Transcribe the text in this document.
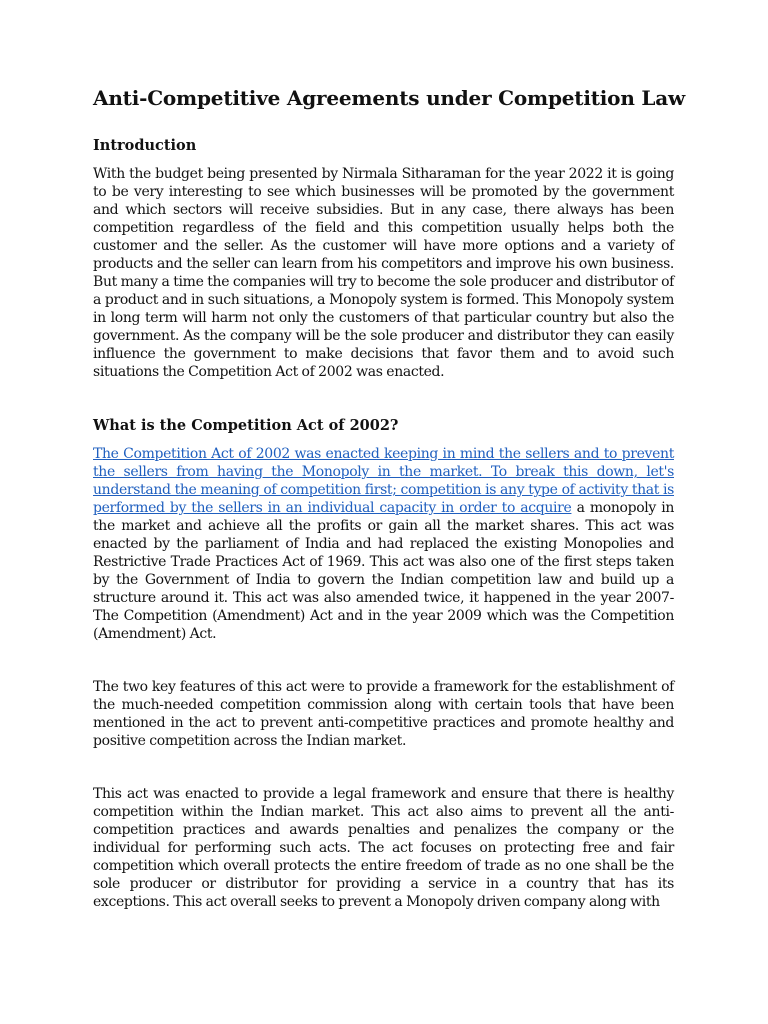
Anti-Competitive Agreements under Competition Law
Introduction

With the budget being presented by Nirmala Sitharaman for the year 2022 it is going to be very interesting to see which businesses will be promoted by the government and which sectors will receive subsidies. But in any case, there always has been competition regardless of the field and this competition usually helps both the customer and the seller. As the customer will have more options and a variety of products and the seller can learn from his competitors and improve his own business. But many a time the companies will try to become the sole producer and distributor of a product and in such situations, a Monopoly system is formed. This Monopoly system in long term will harm not only the customers of that particular country but also the government. As the company will be the sole producer and distributor they can easily influence the government to make decisions that favor them and to avoid such situations the Competition Act of 2002 was enacted.

What is the Competition Act of 2002?

The Competition Act of 2002 was enacted keeping in mind the sellers and to prevent the sellers from having the Monopoly in the market. To break this down, let's understand the meaning of competition first; competition is any type of activity that is performed by the sellers in an individual capacity in order to acquire a monopoly in the market and achieve all the profits or gain all the market shares. This act was enacted by the parliament of India and had replaced the existing Monopolies and Restrictive Trade Practices Act of 1969. This act was also one of the first steps taken by the Government of India to govern the Indian competition law and build up a structure around it. This act was also amended twice, it happened in the year 2007- The Competition (Amendment) Act and in the year 2009 which was the Competition (Amendment) Act.

The two key features of this act were to provide a framework for the establishment of the much-needed competition commission along with certain tools that have been mentioned in the act to prevent anti-competitive practices and promote healthy and positive competition across the Indian market.

This act was enacted to provide a legal framework and ensure that there is healthy competition within the Indian market. This act also aims to prevent all the anti-competition practices and awards penalties and penalizes the company or the individual for performing such acts. The act focuses on protecting free and fair competition which overall protects the entire freedom of trade as no one shall be the sole producer or distributor for providing a service in a country that has its exceptions. This act overall seeks to prevent a Monopoly driven company along with
